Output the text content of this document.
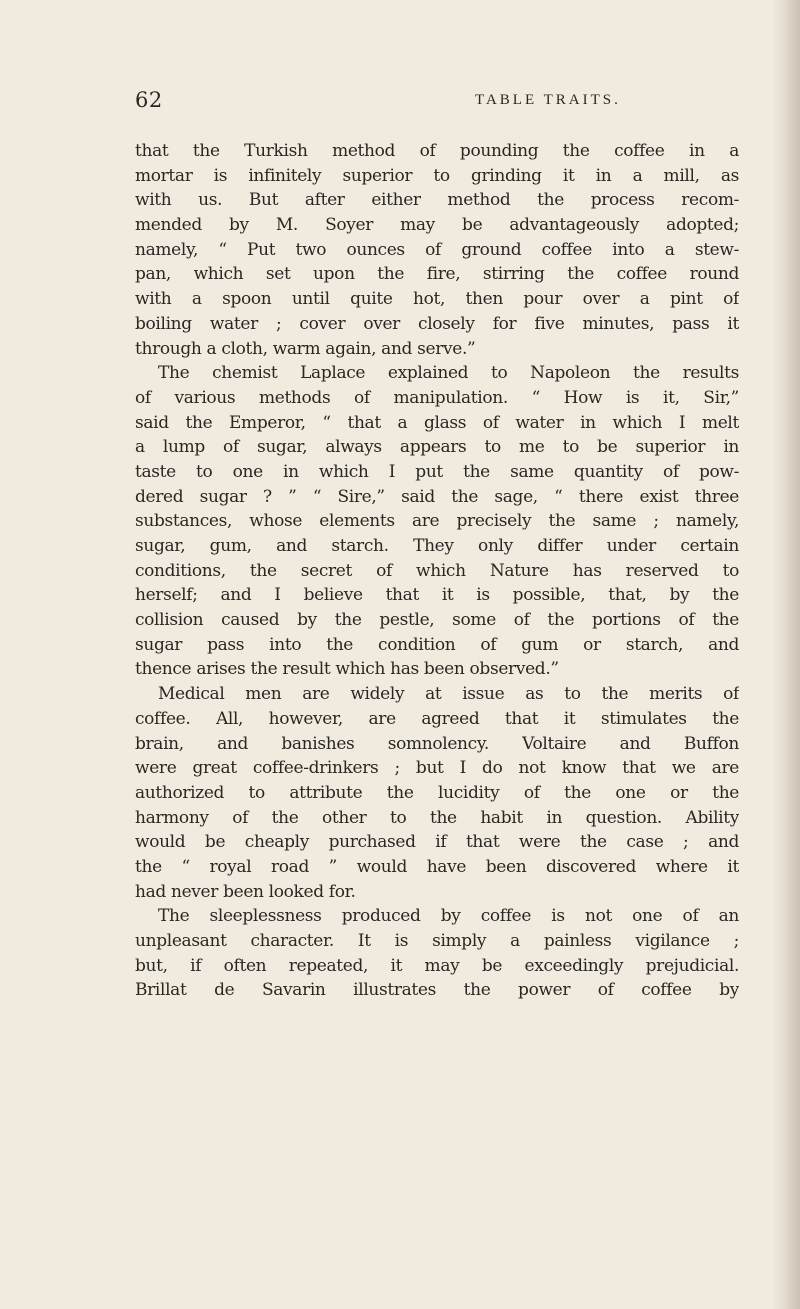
62	TABLE TRAITS.
that the Turkish method of pounding the coffee in a
mortar is infinitely superior to grinding it in a mill, as
with us. But after either method the process recom-
mended by M. Soyer may be advantageously adopted;
namely, “ Put two ounces of ground coffee into a stew-
pan, which set upon the fire, stirring the coffee round
with a spoon until quite hot, then pour over a pint of
boiling water ; cover over closely for five minutes, pass it
through a cloth, warm again, and serve.”
The chemist Laplace explained to Napoleon the results
of various methods of manipulation. “ How is it, Sir,”
said the Emperor, “ that a glass of water in which I melt
a lump of sugar, always appears to me to be superior in
taste to one in which I put the same quantity of pow-
dered sugar ? ” “ Sire,” said the sage, “ there exist three
substances, whose elements are precisely the same ; namely,
sugar, gum, and starch. They only differ under certain
conditions, the secret of which Nature has reserved to
herself; and I believe that it is possible, that, by the
collision caused by the pestle, some of the portions of the
sugar pass into the condition of gum or starch, and
thence arises the result which has been observed.”
Medical men are widely at issue as to the merits of
coffee. All, however, are agreed that it stimulates the
brain, and banishes somnolency. Voltaire and Buffon
were great coffee-drinkers ; but I do not know that we are
authorized to attribute the lucidity of the one or the
harmony of the other to the habit in question. Ability
would be cheaply purchased if that were the case ; and
the “ royal road ” would have been discovered where it
had never been looked for.
The sleeplessness produced by coffee is not one of an
unpleasant character. It is simply a painless vigilance ;
but, if often repeated, it may be exceedingly prejudicial.
Brillat de Savarin illustrates the power of coffee by
